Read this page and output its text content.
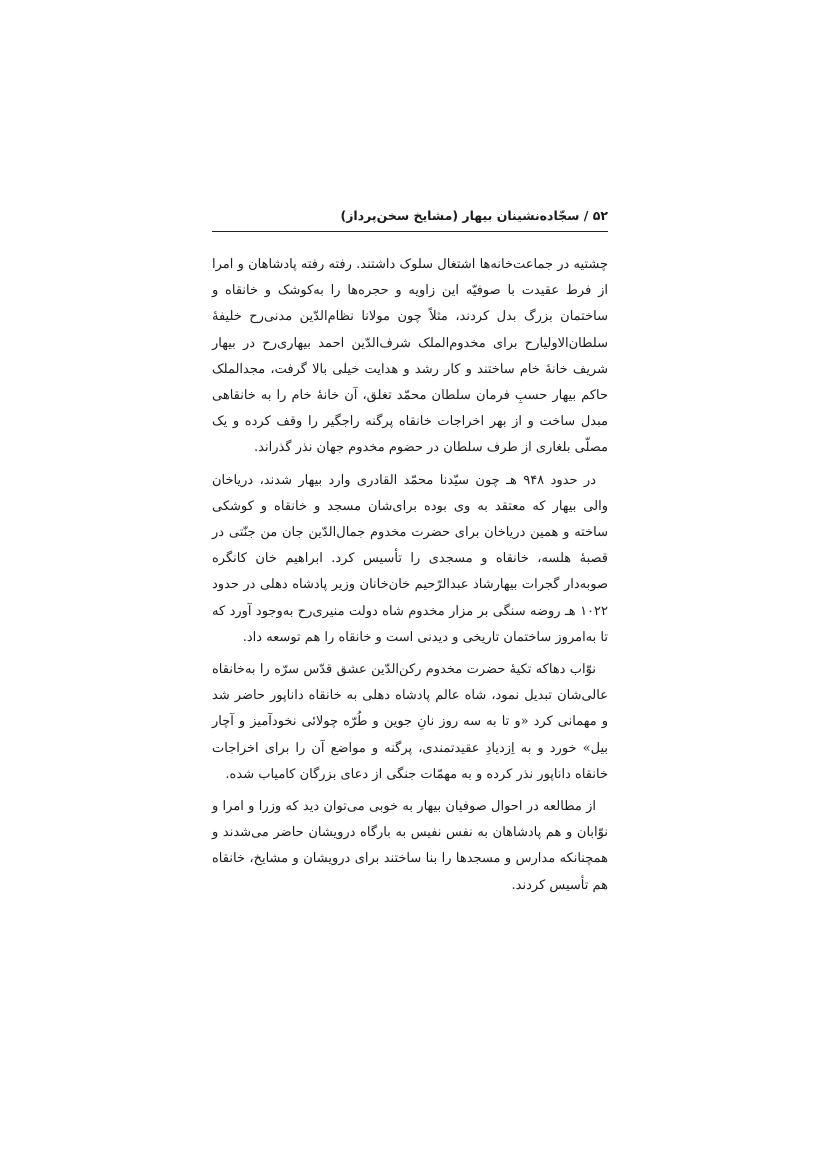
۵۲ / سجّاده‌نشینان بیهار (مشایخ سخن‌پرداز)

چشتیه در جماعت‌خانه‌ها اشتغال سلوک داشتند. رفته رفته پادشاهان و امرا از فرط عقیدت با صوفیّه این زاویه و حجره‌ها را به‌کوشک و خانقاه و ساختمان بزرگ بدل کردند، مثلاً چون مولانا نظام‌الدّین مدنی‌رح خلیفهٔ سلطان‌الاولیارح برای مخدوم‌الملک شرف‌الدّین احمد بیهاری‌رح در بیهار شریف خانهٔ خام ساختند و کار رشد و هدایت خیلی بالا گرفت، مجدالملک حاکم بیهار حسبِ فرمان سلطان محمّد تغلق، آن خانهٔ خام را به خانقاهی مبدل ساخت و از بهر اخراجات خانقاه پرگنه راجگیر را وقف کرده و یک مصلّی بلغاری از طرف سلطان در حضوم مخدوم جهان نذر گذراند.

در حدود ۹۴۸ هـ چون سیّدنا محمّد القادری وارد بیهار شدند، دریاخان والی بیهار که معتقد به وی بوده برای‌شان مسجد و خانقاه و کوشکی ساخته و همین دریاخان برای حضرت مخدوم جمال‌الدّین جان من جنّتی در قصبهٔ هلسه، خانقاه و مسجدی را تأسیس کرد. ابراهیم خان کانگره صوبه‌دار گجرات بیهارشاد عبدالرّحیم خان‌خانان وزیر پادشاه دهلی در حدود ۱۰۲۲ هـ روضه سنگی بر مزار مخدوم شاه دولت منیری‌رح به‌وجود آورد که تا به‌امروز ساختمان تاریخی و دیدنی است و خانقاه را هم توسعه داد.

نوّاب دهاکه تکیهٔ حضرت مخدوم رکن‌الدّین عشق قدّس سرّه را به‌خانقاه عالی‌شان تبدیل نمود، شاه عالم پادشاه دهلی به خانقاه داناپور حاضر شد و مهمانی کرد «و تا به سه روز نانِ جوین و طُرّه چولائی نخودآمیز و آچار بیل» خورد و به اِزدیادِ عقیدتمندی، پرگنه و مواضع آن را برای اخراجات خانقاه داناپور نذر کرده و به مهمّات جنگی از دعای بزرگان کامیاب شده.

از مطالعه در احوال صوفیان بیهار به خوبی می‌توان دید که وزرا و امرا و نوّابان و هم پادشاهان به نفس نفیس به بارگاه درویشان حاضر می‌شدند و همچنانکه مدارس و مسجدها را بنا ساختند برای درویشان و مشایخ، خانقاه هم تأسیس کردند.
